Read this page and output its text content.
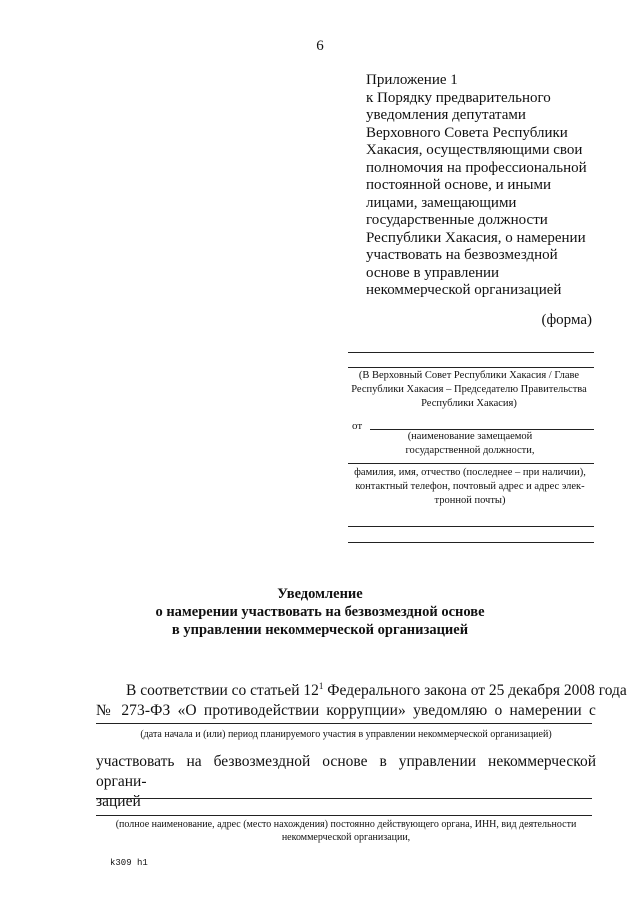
6
Приложение 1
к Порядку предварительного
уведомления депутатами
Верховного Совета Республики
Хакасия, осуществляющими свои
полномочия на профессиональной
постоянной основе, и иными
лицами, замещающими
государственные должности
Республики Хакасия, о намерении
участвовать на безвозмездной
основе в управлении
некоммерческой организацией
(форма)
(В Верховный Совет Республики Хакасия / Главе
Республики Хакасия – Председателю Правительства
Республики Хакасия)
от
(наименование замещаемой
государственной должности,
фамилия, имя, отчество (последнее – при наличии),
контактный телефон, почтовый адрес и адрес элек-
тронной почты)
Уведомление
о намерении участвовать на безвозмездной основе
в управлении некоммерческой организацией
В соответствии со статьей $12^1$ Федерального закона от 25 декабря 2008 года
№ 273-ФЗ «О противодействии коррупции» уведомляю о намерении с
(дата начала и (или) период планируемого участия в управлении некоммерческой организацией)
участвовать на безвозмездной основе в управлении некоммерческой органи-
зацией
(полное наименование, адрес (место нахождения) постоянно действующего органа, ИНН, вид деятельности
некоммерческой организации,
k309 h1
